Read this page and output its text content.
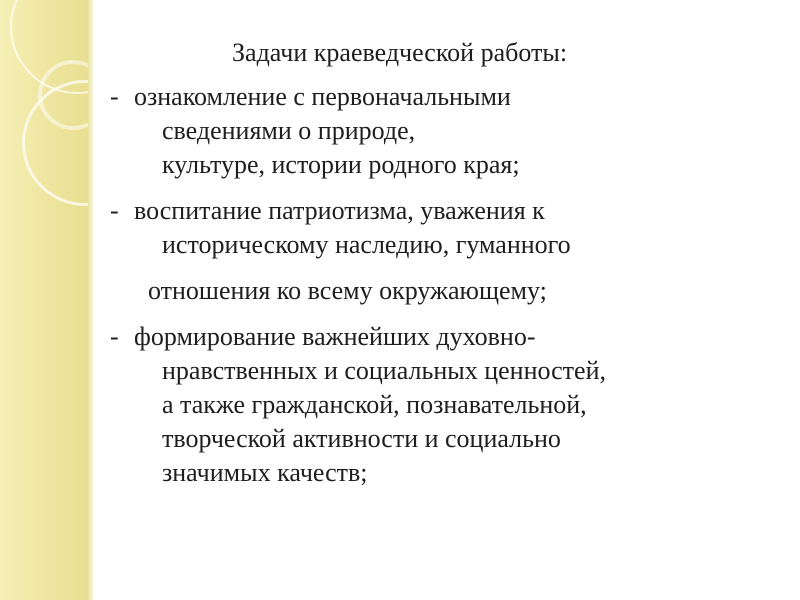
Задачи краеведческой работы:
- ознакомление с первоначальными
сведениями о природе,
культуре, истории родного края;
- воспитание патриотизма, уважения к
историческому наследию, гуманного
отношения ко всему окружающему;
- формирование важнейших духовно-
нравственных и социальных ценностей,
а также гражданской, познавательной,
творческой активности и социально
значимых качеств;
